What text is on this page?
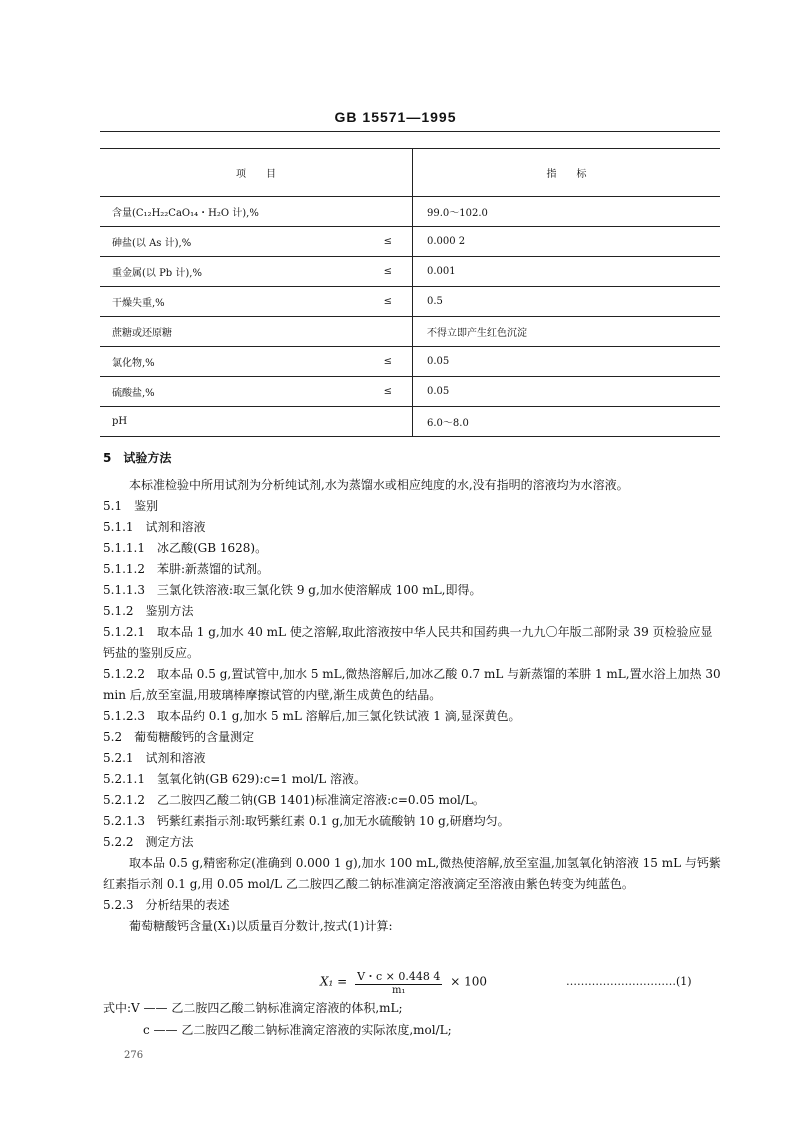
GB 15571—1995
项　　目		指　　标
含量(C₁₂H₂₂CaO₁₄・H₂O 计),%		99.0～102.0
砷盐(以 As 计),%	≤	0.000 2
重金属(以 Pb 计),%	≤	0.001
干燥失重,%	≤	0.5
蔗糖或还原糖		不得立即产生红色沉淀
氯化物,%	≤	0.05
硫酸盐,%	≤	0.05
pH		6.0～8.0

5　试验方法

本标准检验中所用试剂为分析纯试剂,水为蒸馏水或相应纯度的水,没有指明的溶液均为水溶液。

5.1　鉴别

5.1.1　试剂和溶液

5.1.1.1　冰乙酸(GB 1628)。

5.1.1.2　苯肼:新蒸馏的试剂。

5.1.1.3　三氯化铁溶液:取三氯化铁 9 g,加水使溶解成 100 mL,即得。

5.1.2　鉴别方法

5.1.2.1　取本品 1 g,加水 40 mL 使之溶解,取此溶液按中华人民共和国药典一九九〇年版二部附录 39 页检验应显钙盐的鉴别反应。

5.1.2.2　取本品 0.5 g,置试管中,加水 5 mL,微热溶解后,加冰乙酸 0.7 mL 与新蒸馏的苯肼 1 mL,置水浴上加热 30 min 后,放至室温,用玻璃棒摩擦试管的内壁,渐生成黄色的结晶。

5.1.2.3　取本品约 0.1 g,加水 5 mL 溶解后,加三氯化铁试液 1 滴,显深黄色。

5.2　葡萄糖酸钙的含量测定

5.2.1　试剂和溶液

5.2.1.1　氢氧化钠(GB 629):c=1 mol/L 溶液。

5.2.1.2　乙二胺四乙酸二钠(GB 1401)标准滴定溶液:c=0.05 mol/L。

5.2.1.3　钙紫红素指示剂:取钙紫红素 0.1 g,加无水硫酸钠 10 g,研磨均匀。

5.2.2　测定方法

取本品 0.5 g,精密称定(准确到 0.000 1 g),加水 100 mL,微热使溶解,放至室温,加氢氧化钠溶液 15 mL 与钙紫红素指示剂 0.1 g,用 0.05 mol/L 乙二胺四乙酸二钠标准滴定溶液滴定至溶液由紫色转变为纯蓝色。

5.2.3　分析结果的表述

葡萄糖酸钙含量(X₁)以质量百分数计,按式(1)计算:

$X_1 = \frac{V・c \times 0.448 4}{\text{m₁}} \times 100$	…………………………(1)
式中:V —— 乙二胺四乙酸二钠标准滴定溶液的体积,mL;
c —— 乙二胺四乙酸二钠标准滴定溶液的实际浓度,mol/L;
276
